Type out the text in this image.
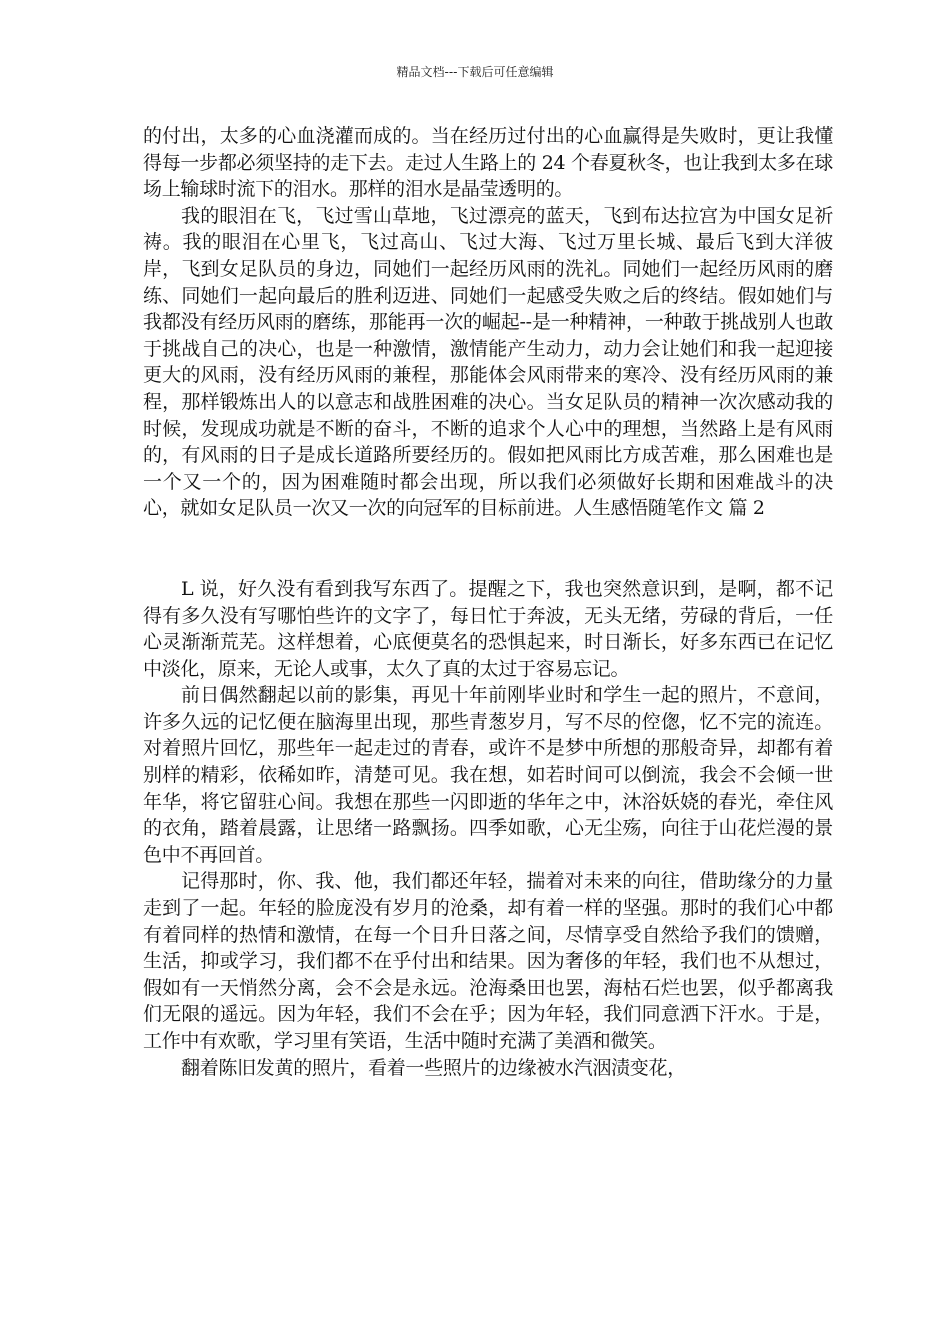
精品文档---下载后可任意编辑

的付出，太多的心血浇灌而成的。当在经历过付出的心血赢得是失败时，更让我懂得每一步都必须坚持的走下去。走过人生路上的 24 个春夏秋冬，也让我到太多在球场上输球时流下的泪水。那样的泪水是晶莹透明的。

我的眼泪在飞，飞过雪山草地，飞过漂亮的蓝天，飞到布达拉宫为中国女足祈祷。我的眼泪在心里飞，飞过高山、飞过大海、飞过万里长城、最后飞到大洋彼岸，飞到女足队员的身边，同她们一起经历风雨的洗礼。同她们一起经历风雨的磨练、同她们一起向最后的胜利迈进、同她们一起感受失败之后的终结。假如她们与我都没有经历风雨的磨练，那能再一次的崛起--是一种精神，一种敢于挑战别人也敢于挑战自己的决心，也是一种激情，激情能产生动力，动力会让她们和我一起迎接更大的风雨，没有经历风雨的兼程，那能体会风雨带来的寒冷、没有经历风雨的兼程，那样锻炼出人的以意志和战胜困难的决心。当女足队员的精神一次次感动我的时候，发现成功就是不断的奋斗，不断的追求个人心中的理想，当然路上是有风雨的，有风雨的日子是成长道路所要经历的。假如把风雨比方成苦难，那么困难也是一个又一个的，因为困难随时都会出现，所以我们必须做好长期和困难战斗的决心，就如女足队员一次又一次的向冠军的目标前进。人生感悟随笔作文 篇 2

L 说，好久没有看到我写东西了。提醒之下，我也突然意识到，是啊，都不记得有多久没有写哪怕些许的文字了，每日忙于奔波，无头无绪，劳碌的背后，一任心灵渐渐荒芜。这样想着，心底便莫名的恐惧起来，时日渐长，好多东西已在记忆中淡化，原来，无论人或事，太久了真的太过于容易忘记。

前日偶然翻起以前的影集，再见十年前刚毕业时和学生一起的照片，不意间，许多久远的记忆便在脑海里出现，那些青葱岁月，写不尽的倥偬，忆不完的流连。对着照片回忆，那些年一起走过的青春，或许不是梦中所想的那般奇异，却都有着别样的精彩，依稀如昨，清楚可见。我在想，如若时间可以倒流，我会不会倾一世年华，将它留驻心间。我想在那些一闪即逝的华年之中，沐浴妖娆的春光，牵住风的衣角，踏着晨露，让思绪一路飘扬。四季如歌，心无尘殇，向往于山花烂漫的景色中不再回首。

记得那时，你、我、他，我们都还年轻，揣着对未来的向往，借助缘分的力量走到了一起。年轻的脸庞没有岁月的沧桑，却有着一样的坚强。那时的我们心中都有着同样的热情和激情，在每一个日升日落之间，尽情享受自然给予我们的馈赠，生活，抑或学习，我们都不在乎付出和结果。因为奢侈的年轻，我们也不从想过，假如有一天悄然分离，会不会是永远。沧海桑田也罢，海枯石烂也罢，似乎都离我们无限的遥远。因为年轻，我们不会在乎；因为年轻，我们同意洒下汗水。于是，工作中有欢歌，学习里有笑语，生活中随时充满了美酒和微笑。

翻着陈旧发黄的照片，看着一些照片的边缘被水汽洇渍变花，
